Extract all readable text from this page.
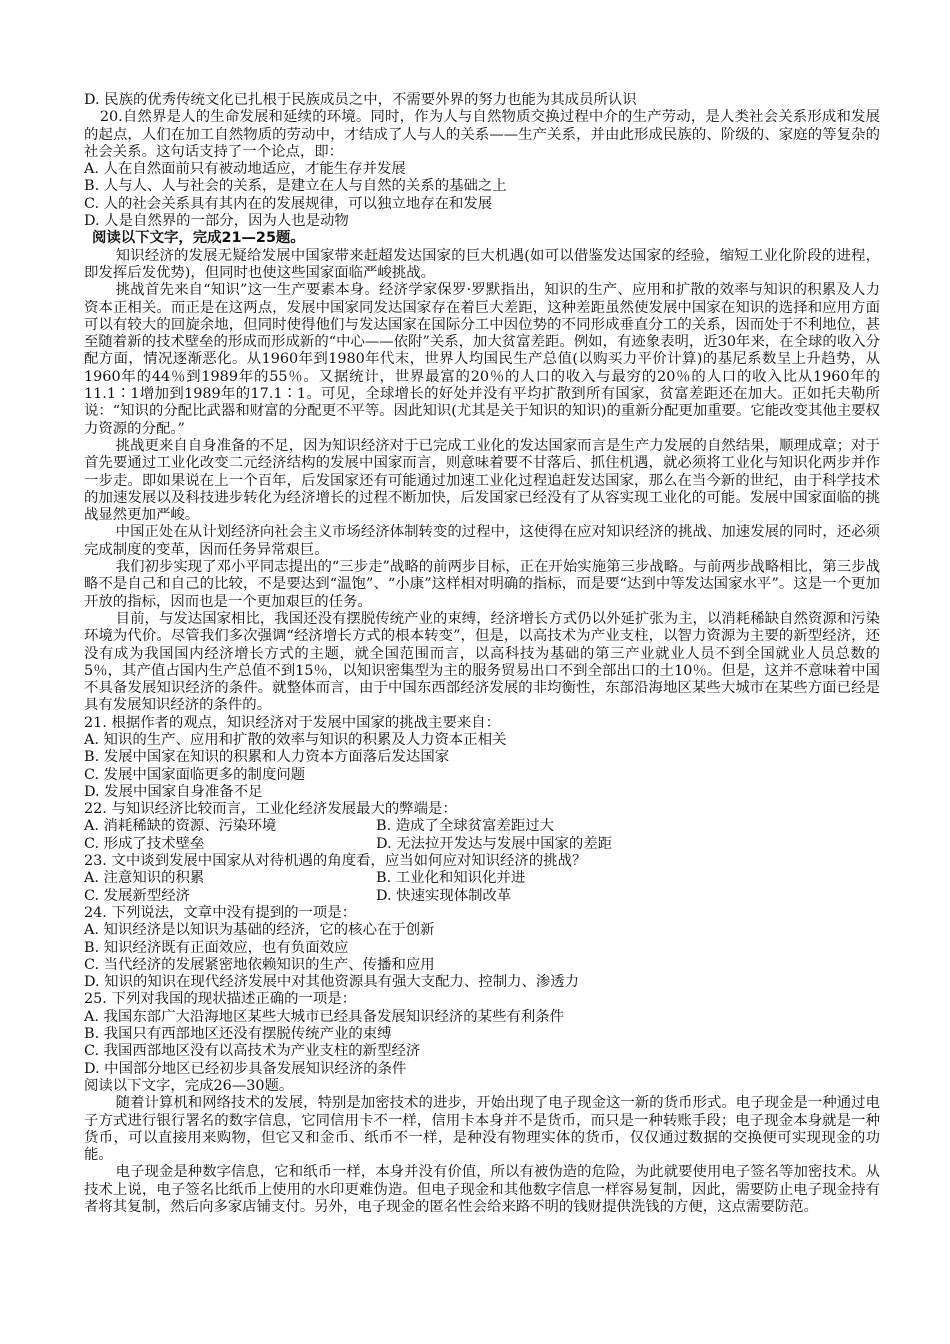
D. 民族的优秀传统文化已扎根于民族成员之中，不需要外界的努力也能为其成员所认识

20.自然界是人的生命发展和延续的环境。同时，作为人与自然物质交换过程中介的生产劳动，是人类社会关系形成和发展的起点，人们在加工自然物质的劳动中，才结成了人与人的关系——生产关系，并由此形成民族的、阶级的、家庭的等复杂的社会关系。这句话支持了一个论点，即：

A. 人在自然面前只有被动地适应，才能生存并发展

B. 人与人、人与社会的关系，是建立在人与自然的关系的基础之上

C. 人的社会关系具有其内在的发展规律，可以独立地存在和发展

D. 人是自然界的一部分，因为人也是动物

阅读以下文字，完成21—25题。

知识经济的发展无疑给发展中国家带来赶超发达国家的巨大机遇(如可以借鉴发达国家的经验，缩短工业化阶段的进程，即发挥后发优势)，但同时也使这些国家面临严峻挑战。

挑战首先来自“知识”这一生产要素本身。经济学家保罗·罗默指出，知识的生产、应用和扩散的效率与知识的积累及人力资本正相关。而正是在这两点，发展中国家同发达国家存在着巨大差距，这种差距虽然使发展中国家在知识的选择和应用方面可以有较大的回旋余地，但同时使得他们与发达国家在国际分工中因位势的不同形成垂直分工的关系，因而处于不利地位，甚至随着新的技术壁垒的形成而形成新的“中心——依附”关系，加大贫富差距。例如，有迹象表明，近30年来，在全球的收入分配方面，情况逐渐恶化。从1960年到1980年代末，世界人均国民生产总值(以购买力平价计算)的基尼系数呈上升趋势，从1960年的44％到1989年的55％。又据统计，世界最富的20％的人口的收入与最穷的20％的人口的收入比从1960年的11.1∶1增加到1989年的17.1∶1。可见，全球增长的好处并没有平均扩散到所有国家，贫富差距还在加大。正如托夫勒所说：“知识的分配比武器和财富的分配更不平等。因此知识(尤其是关于知识的知识)的重新分配更加重要。它能改变其他主要权力资源的分配。”

挑战更来自自身准备的不足，因为知识经济对于已完成工业化的发达国家而言是生产力发展的自然结果，顺理成章；对于首先要通过工业化改变二元经济结构的发展中国家而言，则意味着要不甘落后、抓住机遇，就必须将工业化与知识化两步并作一步走。即如果说在上一个百年，后发国家还有可能通过加速工业化过程追赶发达国家，那么在当今新的世纪，由于科学技术的加速发展以及科技进步转化为经济增长的过程不断加快，后发国家已经没有了从容实现工业化的可能。发展中国家面临的挑战显然更加严峻。

中国正处在从计划经济向社会主义市场经济体制转变的过程中，这使得在应对知识经济的挑战、加速发展的同时，还必须完成制度的变革，因而任务异常艰巨。

我们初步实现了邓小平同志提出的“三步走”战略的前两步目标，正在开始实施第三步战略。与前两步战略相比，第三步战略不是自己和自己的比较，不是要达到“温饱”、“小康”这样相对明确的指标，而是要“达到中等发达国家水平”。这是一个更加开放的指标，因而也是一个更加艰巨的任务。

目前，与发达国家相比，我国还没有摆脱传统产业的束缚，经济增长方式仍以外延扩张为主，以消耗稀缺自然资源和污染环境为代价。尽管我们多次强调“经济增长方式的根本转变”，但是，以高技术为产业支柱，以智力资源为主要的新型经济，还没有成为我国国内经济增长方式的主题，就全国范围而言，以高科技为基础的第三产业就业人员不到全国就业人员总数的5％，其产值占国内生产总值不到15％，以知识密集型为主的服务贸易出口不到全部出口的土10％。但是，这并不意味着中国不具备发展知识经济的条件。就整体而言，由于中国东西部经济发展的非均衡性，东部沿海地区某些大城市在某些方面已经是具有发展知识经济的条件的。

21. 根据作者的观点，知识经济对于发展中国家的挑战主要来自：

A. 知识的生产、应用和扩散的效率与知识的积累及人力资本正相关

B. 发展中国家在知识的积累和人力资本方面落后发达国家

C. 发展中国家面临更多的制度问题

D. 发展中国家自身准备不足

22. 与知识经济比较而言，工业化经济发展最大的弊端是：

A. 消耗稀缺的资源、污染环境	B. 造成了全球贫富差距过大
C. 形成了技术壁垒	D. 无法拉开发达与发展中国家的差距

23. 文中谈到发展中国家从对待机遇的角度看，应当如何应对知识经济的挑战？

A. 注意知识的积累	B. 工业化和知识化并进
C. 发展新型经济	D. 快速实现体制改革

24. 下列说法，文章中没有提到的一项是：

A. 知识经济是以知识为基础的经济，它的核心在于创新

B. 知识经济既有正面效应，也有负面效应

C. 当代经济的发展紧密地依赖知识的生产、传播和应用

D. 知识的知识在现代经济发展中对其他资源具有强大支配力、控制力、渗透力

25. 下列对我国的现状描述正确的一项是：

A. 我国东部广大沿海地区某些大城市已经具备发展知识经济的某些有利条件

B. 我国只有西部地区还没有摆脱传统产业的束缚

C. 我国西部地区没有以高技术为产业支柱的新型经济

D. 中国部分地区已经初步具备发展知识经济的条件

阅读以下文字，完成26—30题。

随着计算机和网络技术的发展，特别是加密技术的进步，开始出现了电子现金这一新的货币形式。电子现金是一种通过电子方式进行银行署名的数字信息，它同信用卡不一样，信用卡本身并不是货币，而只是一种转账手段；电子现金本身就是一种货币，可以直接用来购物，但它又和金币、纸币不一样，是种没有物理实体的货币，仅仅通过数据的交换便可实现现金的功能。

电子现金是种数字信息，它和纸币一样，本身并没有价值，所以有被伪造的危险，为此就要使用电子签名等加密技术。从技术上说，电子签名比纸币上使用的水印更难伪造。但电子现金和其他数字信息一样容易复制，因此，需要防止电子现金持有者将其复制，然后向多家店铺支付。另外，电子现金的匿名性会给来路不明的钱财提供洗钱的方便，这点需要防范。
